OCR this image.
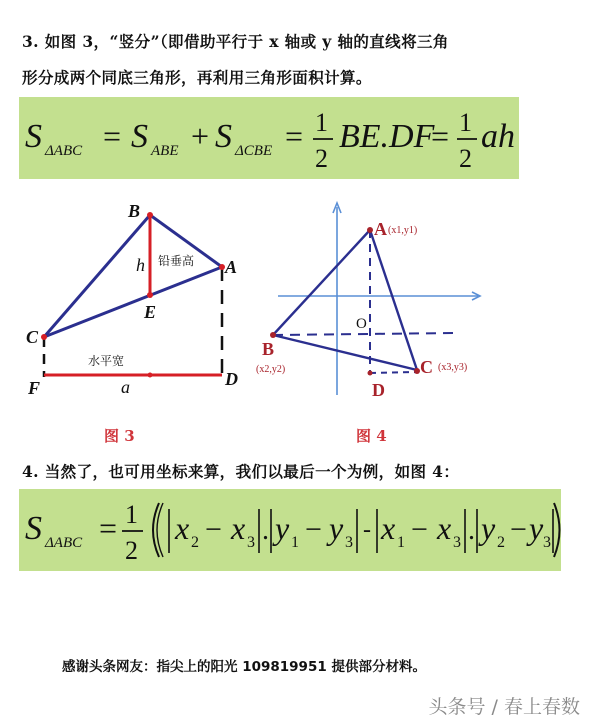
3. 如图 3，“竖分”（即借助平行于 x 轴或 y 轴的直线将三角
形分成两个同底三角形，再利用三角形面积计算。
S ΔABC = S ABE + S ΔCBE = 1
2
BE.DF
= 1
2
ah
B
A
C
E
h 铅垂高
水平宽
F	a	D
图 3
A (x1,y1)
B
(x2,y2)	C (x3,y3)
D
O
图 4
4. 当然了，也可用坐标来算，我们以最后一个为例，如图 4：
S ΔABC = 1
2
x 2 − x 3 . y 1 − y 3 - x 1 − x 3 . y 2 − y 3
感谢头条网友：指尖上的阳光 109819951 提供部分材料。
头条号 / 春上春数
